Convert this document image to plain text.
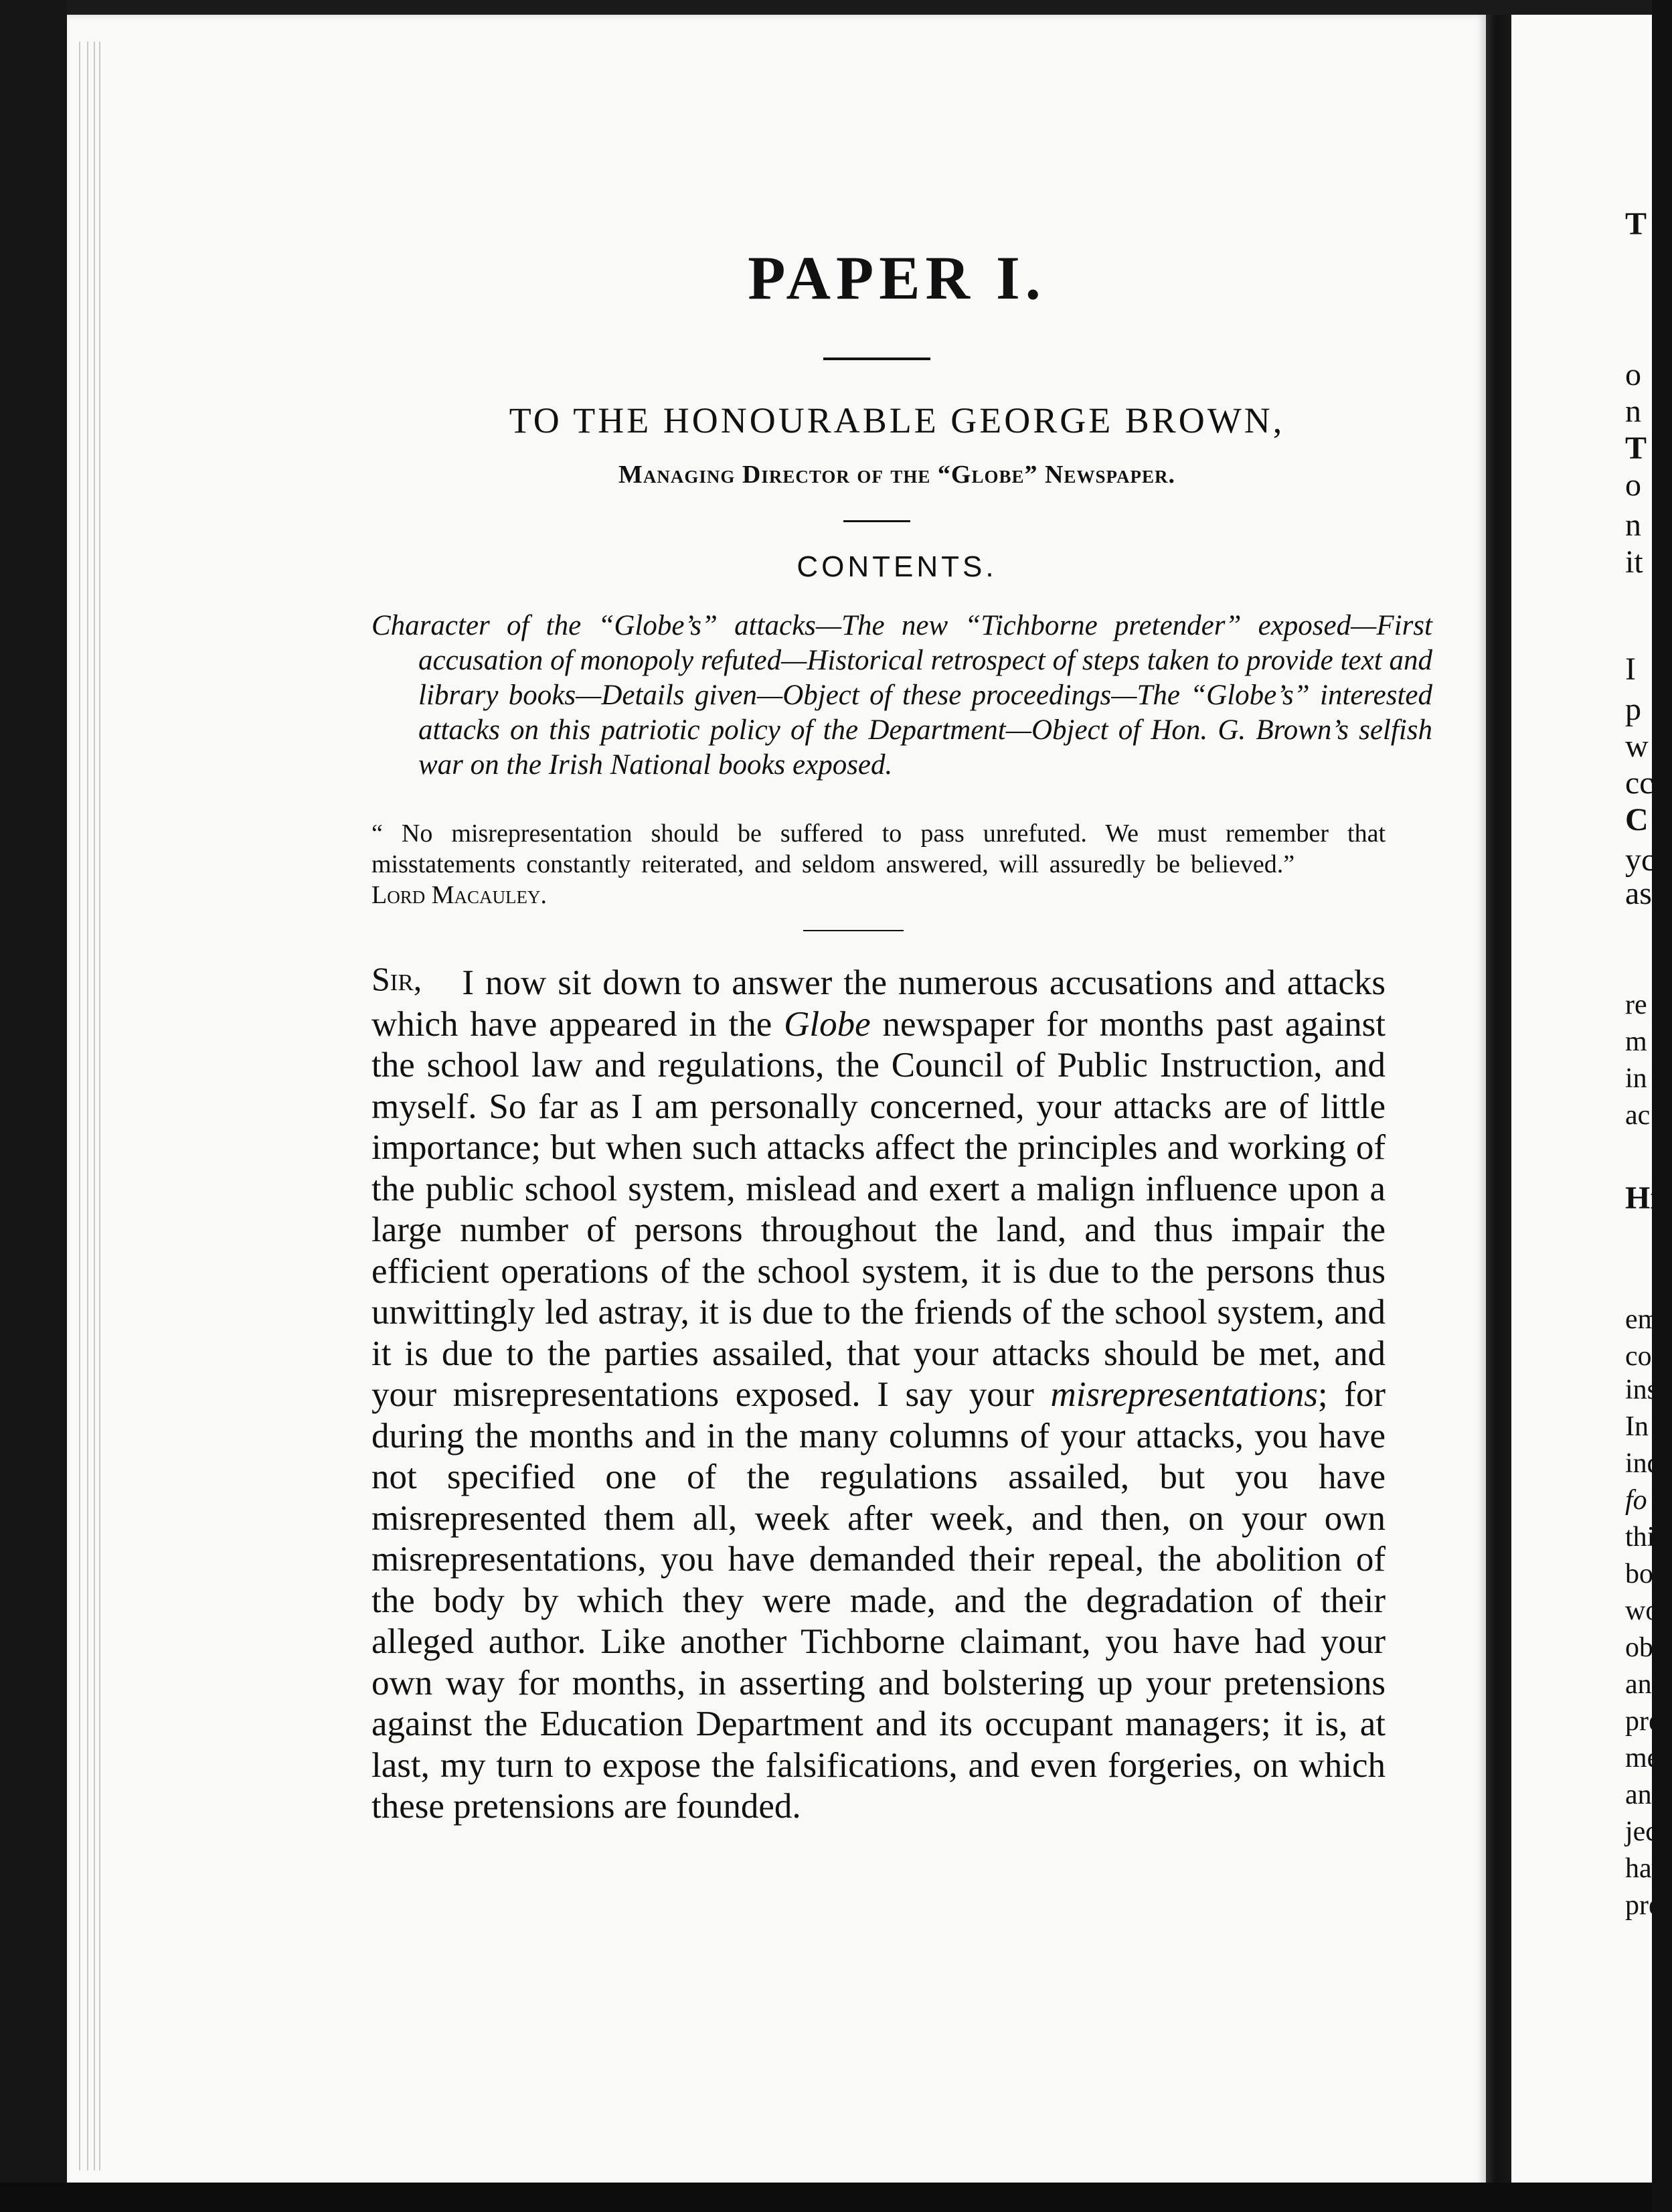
PAPER I.
TO THE HONOURABLE GEORGE BROWN,
Managing Director of the “Globe” Newspaper.
CONTENTS.
Character of the “Globe’s” attacks—The new “Tichborne pretender” exposed—First accusation of monopoly refuted—Historical retrospect of steps taken to provide text and library books—Details given—Object of these proceedings—The “Globe’s” interested attacks on this patriotic policy of the Department—Object of Hon. G. Brown’s selfish war on the Irish National books exposed.
“ No misrepresentation should be suffered to pass unrefuted. We must remember that misstatements constantly reiterated, and seldom answered, will assuredly be believed.”  Lord Macauley.
Sir, I now sit down to answer the numerous accusations and attacks which have appeared in the Globe newspaper for months past against the school law and regulations, the Council of Public Instruction, and myself. So far as I am personally concerned, your attacks are of little importance; but when such attacks affect the principles and working of the public school system, mislead and exert a malign influence upon a large number of persons throughout the land, and thus impair the efficient operations of the school system, it is due to the persons thus unwittingly led astray, it is due to the friends of the school system, and it is due to the parties assailed, that your attacks should be met, and your misrepresentations exposed. I say your misrepresentations; for during the months and in the many columns of your attacks, you have not specified one of the regulations assailed, but you have misrepresented them all, week after week, and then, on your own misrepresentations, you have demanded their repeal, the abolition of the body by which they were made, and the degradation of their alleged author. Like another Tichborne claimant, you have had your own way for months, in asserting and bolstering up your pretensions against the Education Department and its occupant managers; it is, at last, my turn to expose the falsifications, and even forgeries, on which these pretensions are founded.
T
o
n
T
o
n
it
I
p
w
cc
C
yc
as
re
m
in
ac
Hi
em
co
ins
In
inq
fo
thi
bo
wo
obj
and
pre
mea
and
ject
hav
pre
